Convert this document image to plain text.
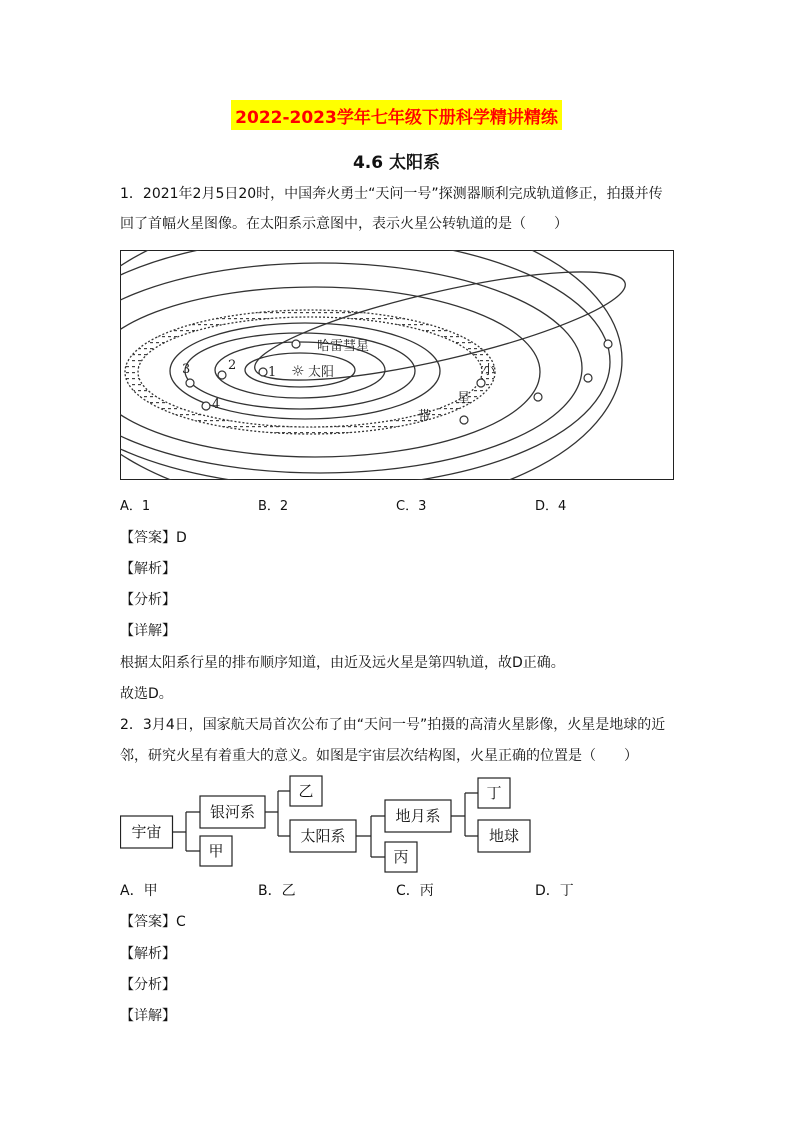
2022-2023学年七年级下册科学精讲精练
4.6 太阳系
1．2021年2月5日20时，中国奔火勇士“天问一号”探测器顺利完成轨道修正，拍摄并传
回了首幅火星图像。在太阳系示意图中，表示火星公转轨道的是（　　）
1
2
3
4
☼ 太阳
哈雷彗星
小
星
带
A．1	B．2	C．3	D．4
【答案】D
【解析】
【分析】
【详解】
根据太阳系行星的排布顺序知道，由近及远火星是第四轨道，故D正确。
故选D。
2．3月4日，国家航天局首次公布了由“天问一号”拍摄的高清火星影像，火星是地球的近
邻，研究火星有着重大的意义。如图是宇宙层次结构图，火星正确的位置是（　　）
宇宙
银河系
甲
乙
太阳系
地月系
丙
丁
地球
A．甲	B．乙	C．丙	D．丁
【答案】C
【解析】
【分析】
【详解】
